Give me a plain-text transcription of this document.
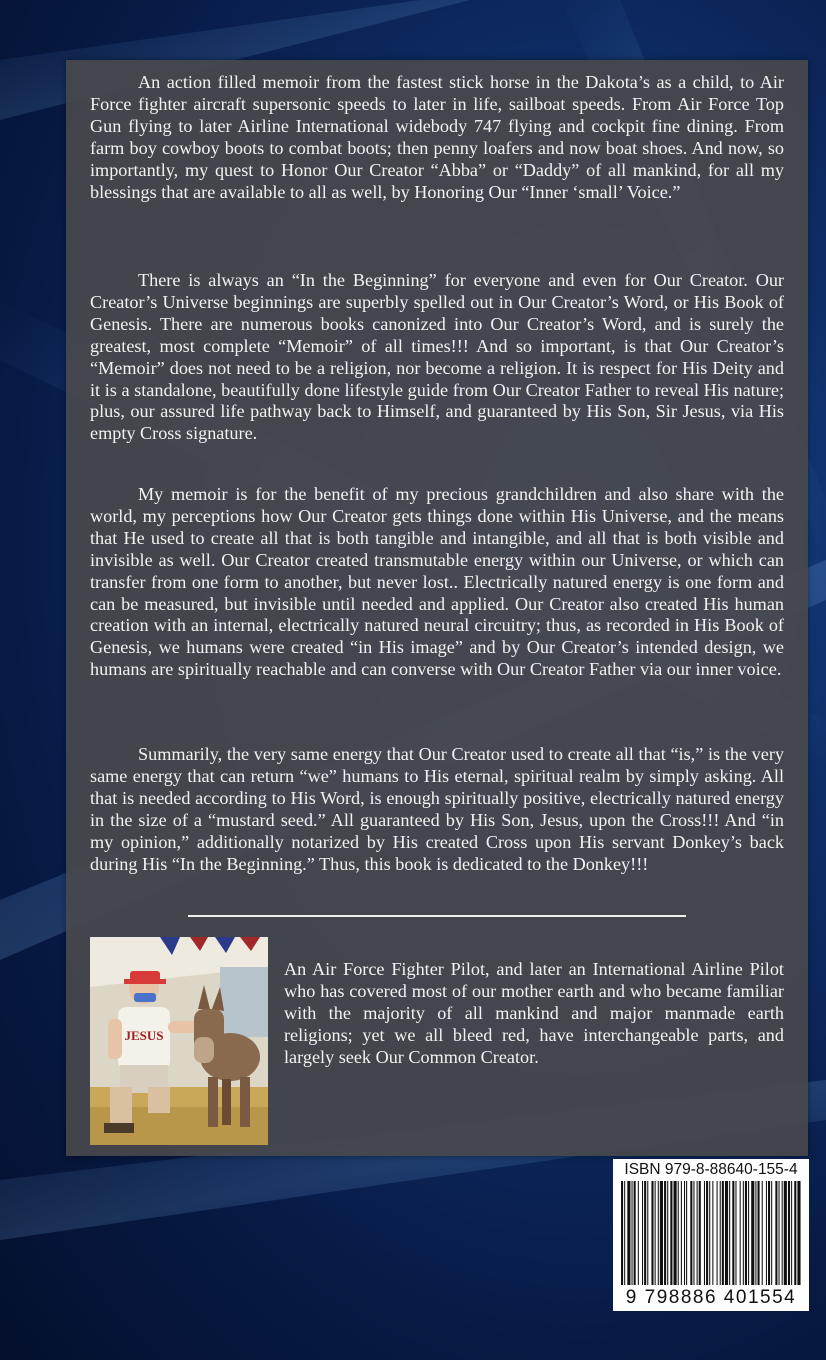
An action filled memoir from the fastest stick horse in the Dakota’s as a child, to Air Force fighter aircraft supersonic speeds to later in life, sailboat speeds. From Air Force Top Gun flying to later Airline International widebody 747 flying and cockpit fine dining. From farm boy cowboy boots to combat boots; then penny loafers and now boat shoes. And now, so importantly, my quest to Honor Our Creator “Abba” or “Daddy” of all mankind, for all my blessings that are available to all as well, by Honoring Our “Inner ‘small’ Voice.”

There is always an “In the Beginning” for everyone and even for Our Creator. Our Creator’s Universe beginnings are superbly spelled out in Our Creator’s Word, or His Book of Genesis. There are numerous books canonized into Our Creator’s Word, and is surely the greatest, most complete “Memoir” of all times!!! And so important, is that Our Creator’s “Memoir” does not need to be a religion, nor become a religion. It is respect for His Deity and it is a standalone, beautifully done lifestyle guide from Our Creator Father to reveal His nature; plus, our assured life pathway back to Himself, and guaranteed by His Son, Sir Jesus, via His empty Cross signature.

My memoir is for the benefit of my precious grandchildren and also share with the world, my perceptions how Our Creator gets things done within His Universe, and the means that He used to create all that is both tangible and intangible, and all that is both visible and invisible as well. Our Creator created transmutable energy within our Universe, or which can transfer from one form to another, but never lost.. Electrically natured energy is one form and can be measured, but invisible until needed and applied. Our Creator also created His human creation with an internal, electrically natured neural circuitry; thus, as recorded in His Book of Genesis, we humans were created “in His image” and by Our Creator’s intended design, we humans are spiritually reachable and can converse with Our Creator Father via our inner voice.

Summarily, the very same energy that Our Creator used to create all that “is,” is the very same energy that can return “we” humans to His eternal, spiritual realm by simply asking. All that is needed according to His Word, is enough spiritually positive, electrically natured energy in the size of a “mustard seed.” All guaranteed by His Son, Jesus, upon the Cross!!! And “in my opinion,” additionally notarized by His created Cross upon His servant Donkey’s back during His “In the Beginning.” Thus, this book is dedicated to the Donkey!!!

JESUS

An Air Force Fighter Pilot, and later an International Airline Pilot who has covered most of our mother earth and who became familiar with the majority of all mankind and major manmade earth religions; yet we all bleed red, have interchangeable parts, and largely seek Our Common Creator.

ISBN 979-8-88640-155-4
9 798886 401554
